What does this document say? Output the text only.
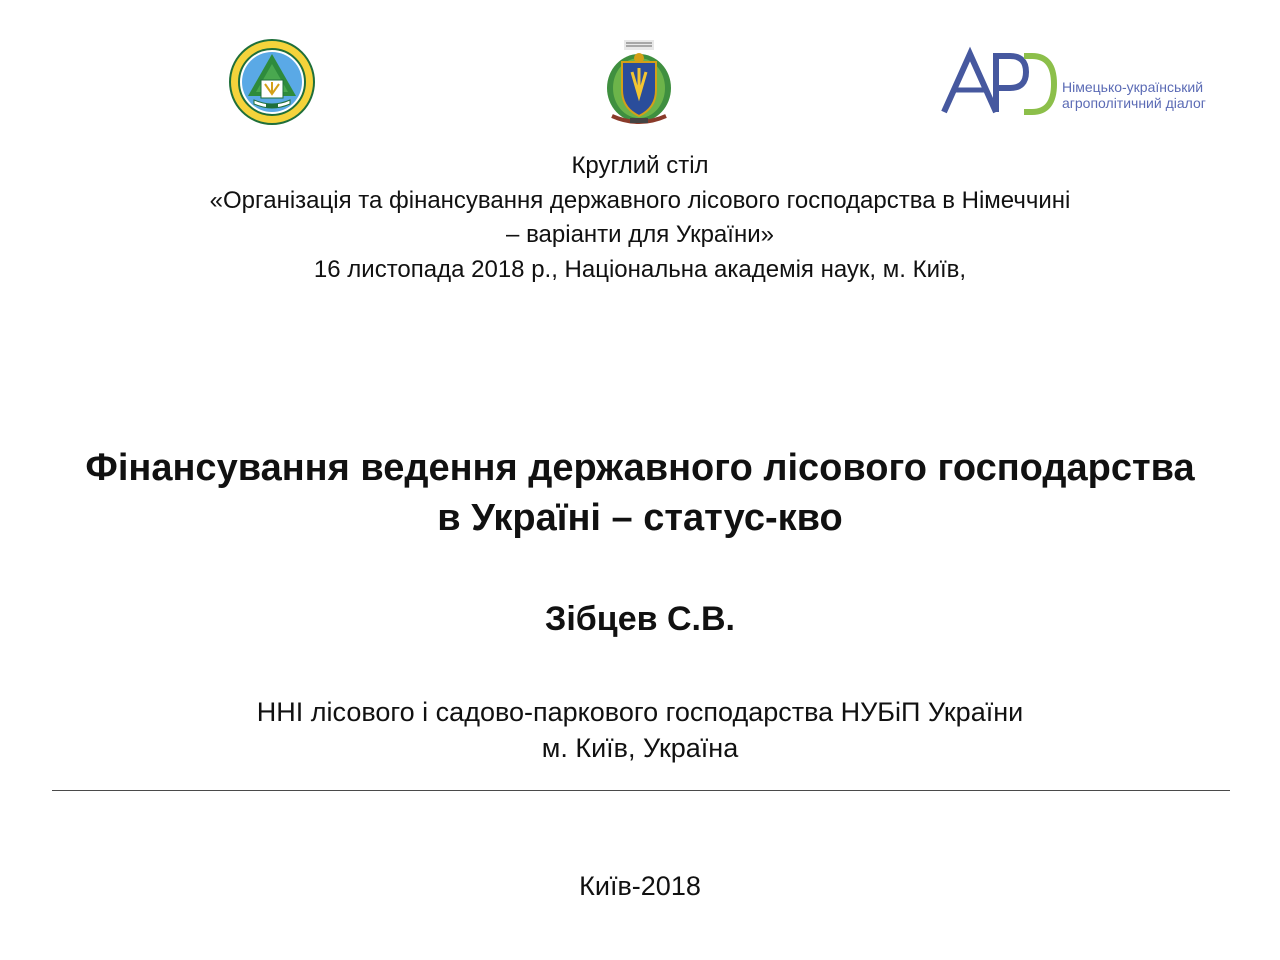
Німецько-український
агрополітичний діалог
Круглий стіл
«Організація та фінансування державного лісового господарства в Німеччині
– варіанти для України»
16 листопада 2018 р., Національна академія наук, м. Київ,
Фінансування ведення державного лісового господарства
в Україні – статус-кво
Зібцев С.В.
ННІ лісового і садово-паркового господарства НУБіП України
м. Київ, Україна
Київ-2018
